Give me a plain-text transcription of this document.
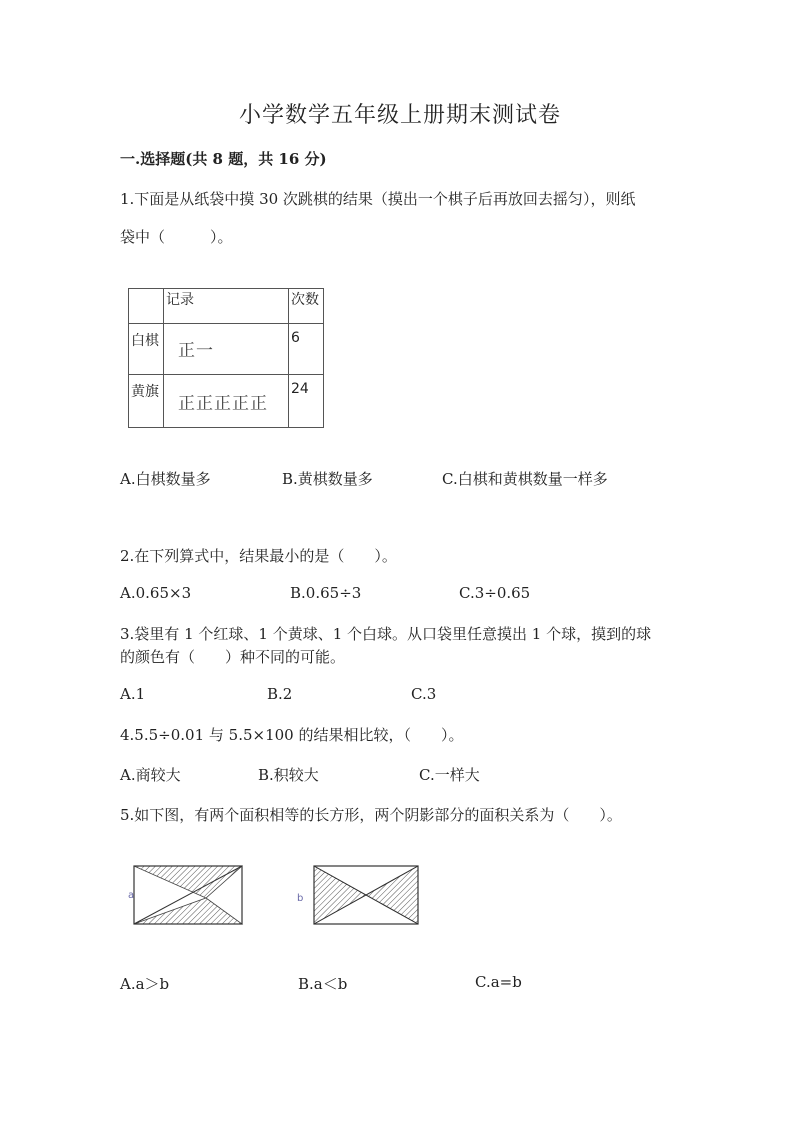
小学数学五年级上册期末测试卷
一.选择题(共 8 题，共 16 分)
1.下面是从纸袋中摸 30 次跳棋的结果（摸出一个棋子后再放回去摇匀），则纸
袋中（　　　）。
	记录	次数
白棋	正一	6
黄旗	正正正正正	24
A.白棋数量多	B.黄棋数量多	C.白棋和黄棋数量一样多
2.在下列算式中，结果最小的是（　　）。
A.0.65×3	B.0.65÷3	C.3÷0.65
3.袋里有 1 个红球、1 个黄球、1 个白球。从口袋里任意摸出 1 个球，摸到的球
的颜色有（　　）种不同的可能。
A.1	B.2	C.3
4.5.5÷0.01 与 5.5×100 的结果相比较，（　　）。
A.商较大	B.积较大	C.一样大
5.如下图，有两个面积相等的长方形，两个阴影部分的面积关系为（　　）。
a	b
A.a＞b	B.a＜b	C.a=b
